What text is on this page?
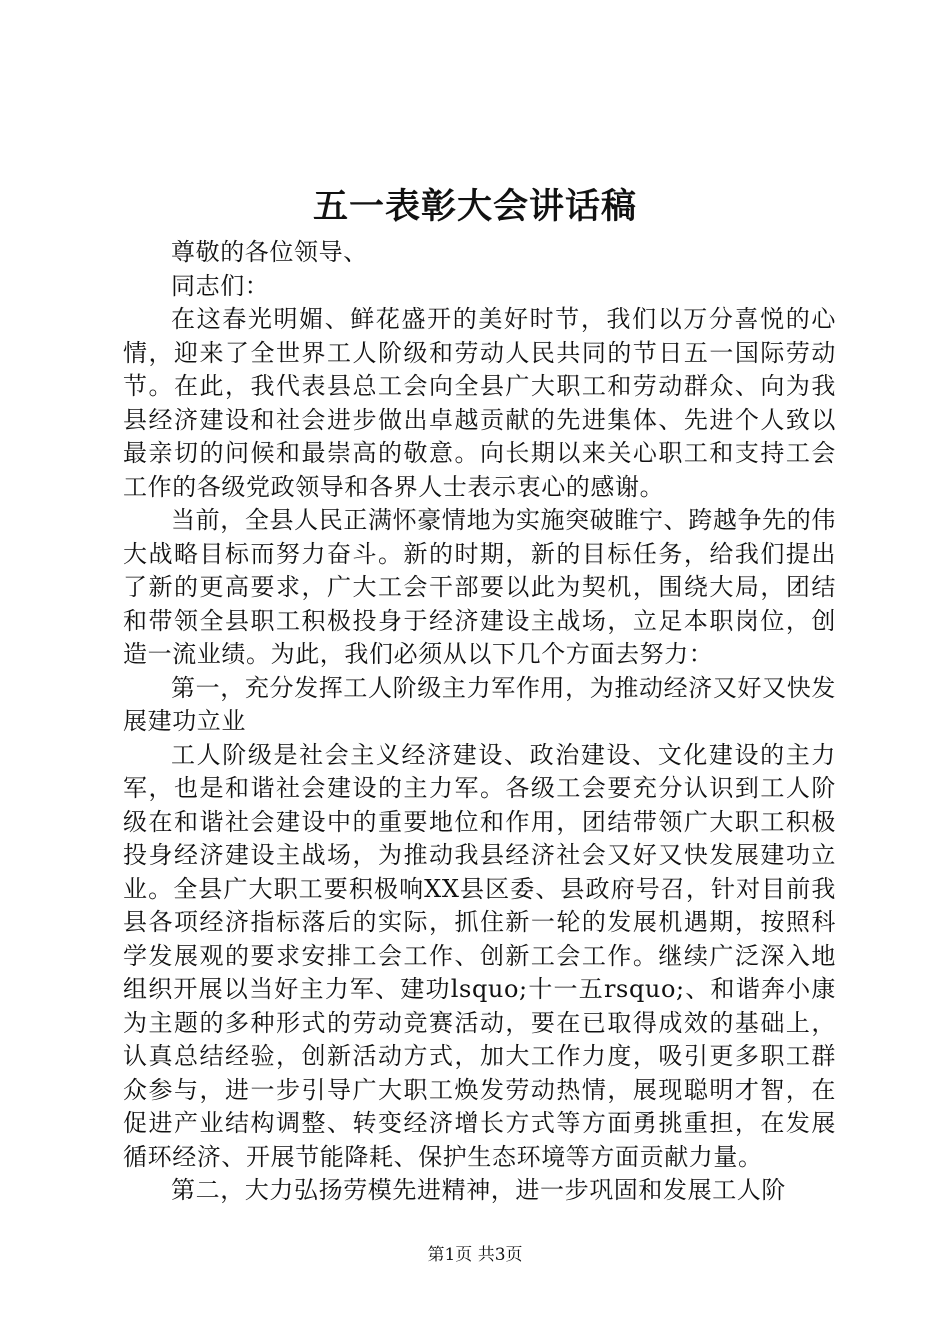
五一表彰大会讲话稿

尊敬的各位领导、

同志们：

在这春光明媚、鲜花盛开的美好时节，我们以万分喜悦的心情，迎来了全世界工人阶级和劳动人民共同的节日五一国际劳动节。在此，我代表县总工会向全县广大职工和劳动群众、向为我县经济建设和社会进步做出卓越贡献的先进集体、先进个人致以最亲切的问候和最崇高的敬意。向长期以来关心职工和支持工会工作的各级党政领导和各界人士表示衷心的感谢。

当前，全县人民正满怀豪情地为实施突破睢宁、跨越争先的伟大战略目标而努力奋斗。新的时期，新的目标任务，给我们提出了新的更高要求，广大工会干部要以此为契机，围绕大局，团结和带领全县职工积极投身于经济建设主战场，立足本职岗位，创造一流业绩。为此，我们必须从以下几个方面去努力：

第一，充分发挥工人阶级主力军作用，为推动经济又好又快发展建功立业

工人阶级是社会主义经济建设、政治建设、文化建设的主力军，也是和谐社会建设的主力军。各级工会要充分认识到工人阶级在和谐社会建设中的重要地位和作用，团结带领广大职工积极投身经济建设主战场，为推动我县经济社会又好又快发展建功立业。全县广大职工要积极响XX县区委、县政府号召，针对目前我县各项经济指标落后的实际，抓住新一轮的发展机遇期，按照科学发展观的要求安排工会工作、创新工会工作。继续广泛深入地组织开展以当好主力军、建功lsquo;十一五rsquo;、和谐奔小康为主题的多种形式的劳动竞赛活动，要在已取得成效的基础上，认真总结经验，创新活动方式，加大工作力度，吸引更多职工群众参与，进一步引导广大职工焕发劳动热情，展现聪明才智，在促进产业结构调整、转变经济增长方式等方面勇挑重担，在发展循环经济、开展节能降耗、保护生态环境等方面贡献力量。

第二，大力弘扬劳模先进精神，进一步巩固和发展工人阶

第1页 共3页
